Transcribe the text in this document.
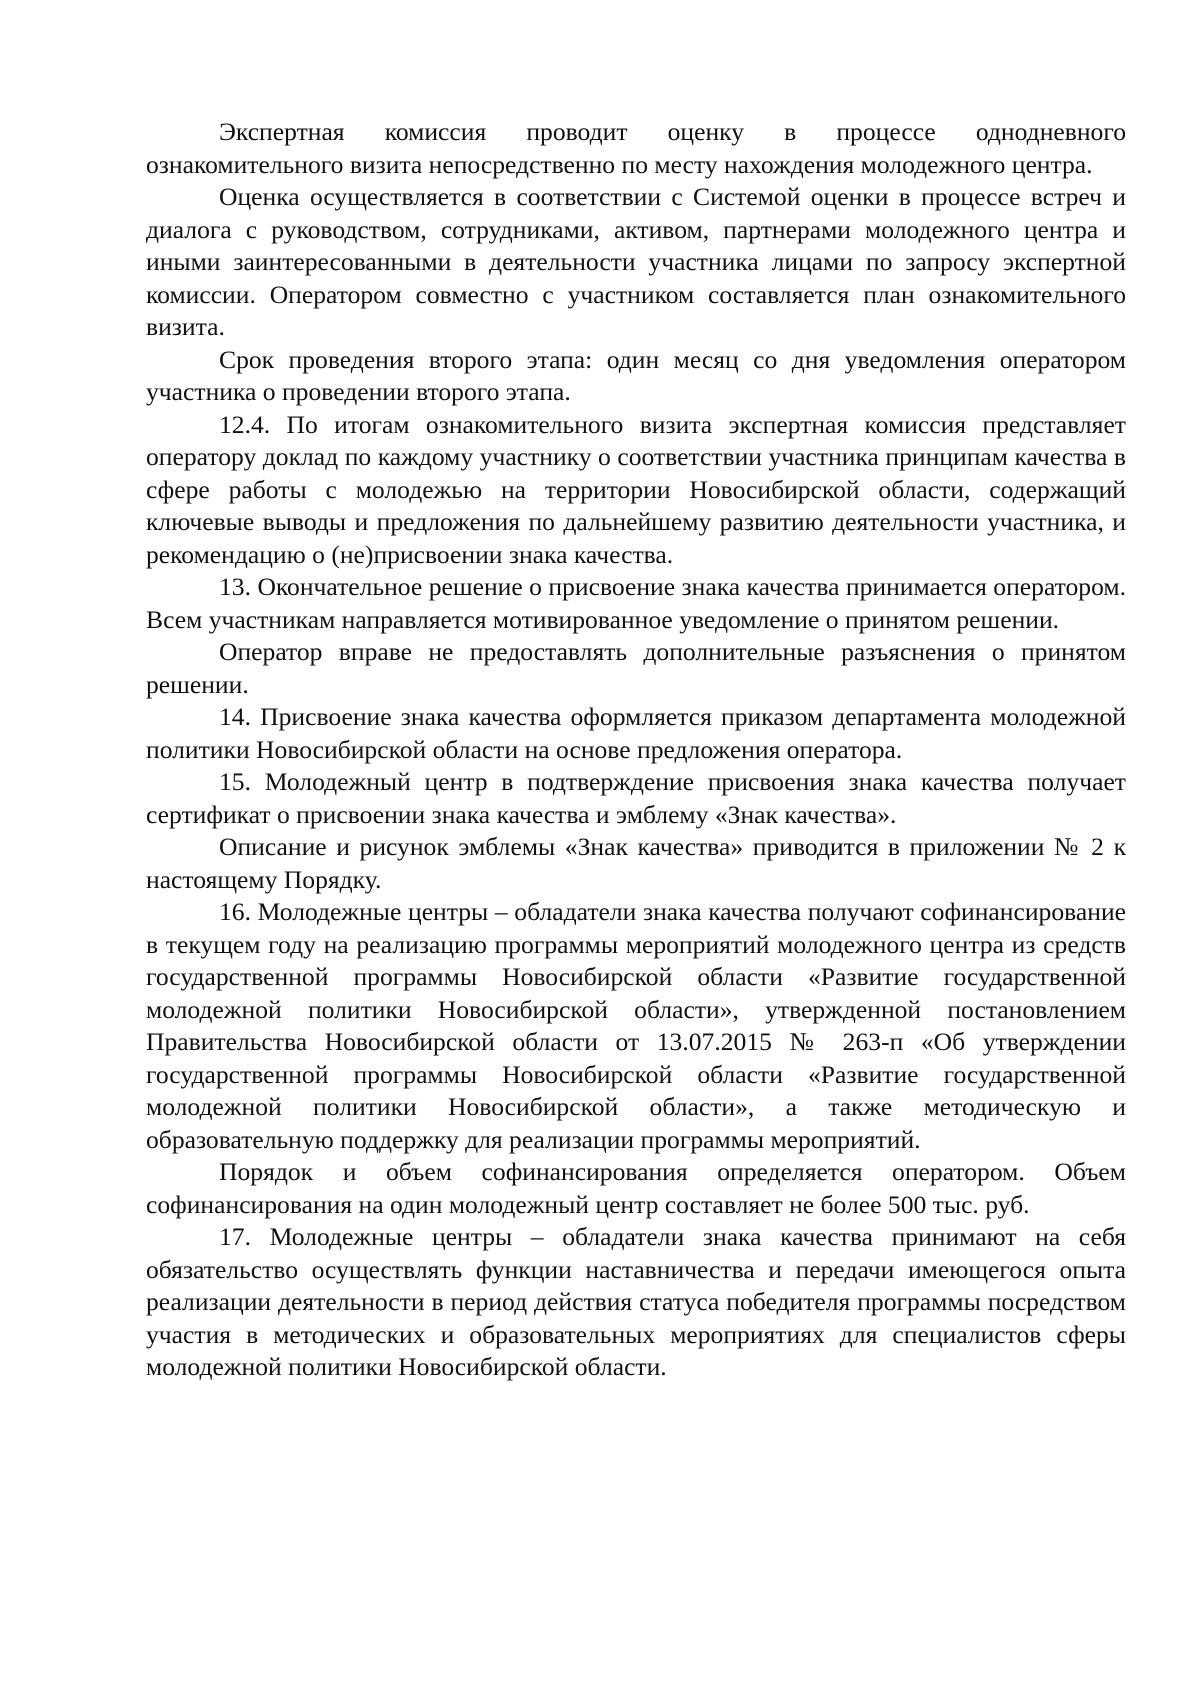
Экспертная комиссия проводит оценку в процессе однодневного ознакомительного визита непосредственно по месту нахождения молодежного центра.

Оценка осуществляется в соответствии с Системой оценки в процессе встреч и диалога с руководством, сотрудниками, активом, партнерами молодежного центра и иными заинтересованными в деятельности участника лицами по запросу экспертной комиссии. Оператором совместно с участником составляется план ознакомительного визита.

Срок проведения второго этапа: один месяц со дня уведомления оператором участника о проведении второго этапа.

12.4. По итогам ознакомительного визита экспертная комиссия представляет оператору доклад по каждому участнику о соответствии участника принципам качества в сфере работы с молодежью на территории Новосибирской области, содержащий ключевые выводы и предложения по дальнейшему развитию деятельности участника, и рекомендацию о (не)присвоении знака качества.

13. Окончательное решение о присвоение знака качества принимается оператором. Всем участникам направляется мотивированное уведомление о принятом решении.

Оператор вправе не предоставлять дополнительные разъяснения о принятом решении.

14. Присвоение знака качества оформляется приказом департамента молодежной политики Новосибирской области на основе предложения оператора.

15. Молодежный центр в подтверждение присвоения знака качества получает сертификат о присвоении знака качества и эмблему «Знак качества».

Описание и рисунок эмблемы «Знак качества» приводится в приложении № 2 к настоящему Порядку.

16. Молодежные центры – обладатели знака качества получают софинансирование в текущем году на реализацию программы мероприятий молодежного центра из средств государственной программы Новосибирской области «Развитие государственной молодежной политики Новосибирской области», утвержденной постановлением Правительства Новосибирской области от 13.07.2015 № 263-п «Об утверждении государственной программы Новосибирской области «Развитие государственной молодежной политики Новосибирской области», а также методическую и образовательную поддержку для реализации программы мероприятий.

Порядок и объем софинансирования определяется оператором. Объем софинансирования на один молодежный центр составляет не более 500 тыс. руб.

17. Молодежные центры – обладатели знака качества принимают на себя обязательство осуществлять функции наставничества и передачи имеющегося опыта реализации деятельности в период действия статуса победителя программы посредством участия в методических и образовательных мероприятиях для специалистов сферы молодежной политики Новосибирской области.
